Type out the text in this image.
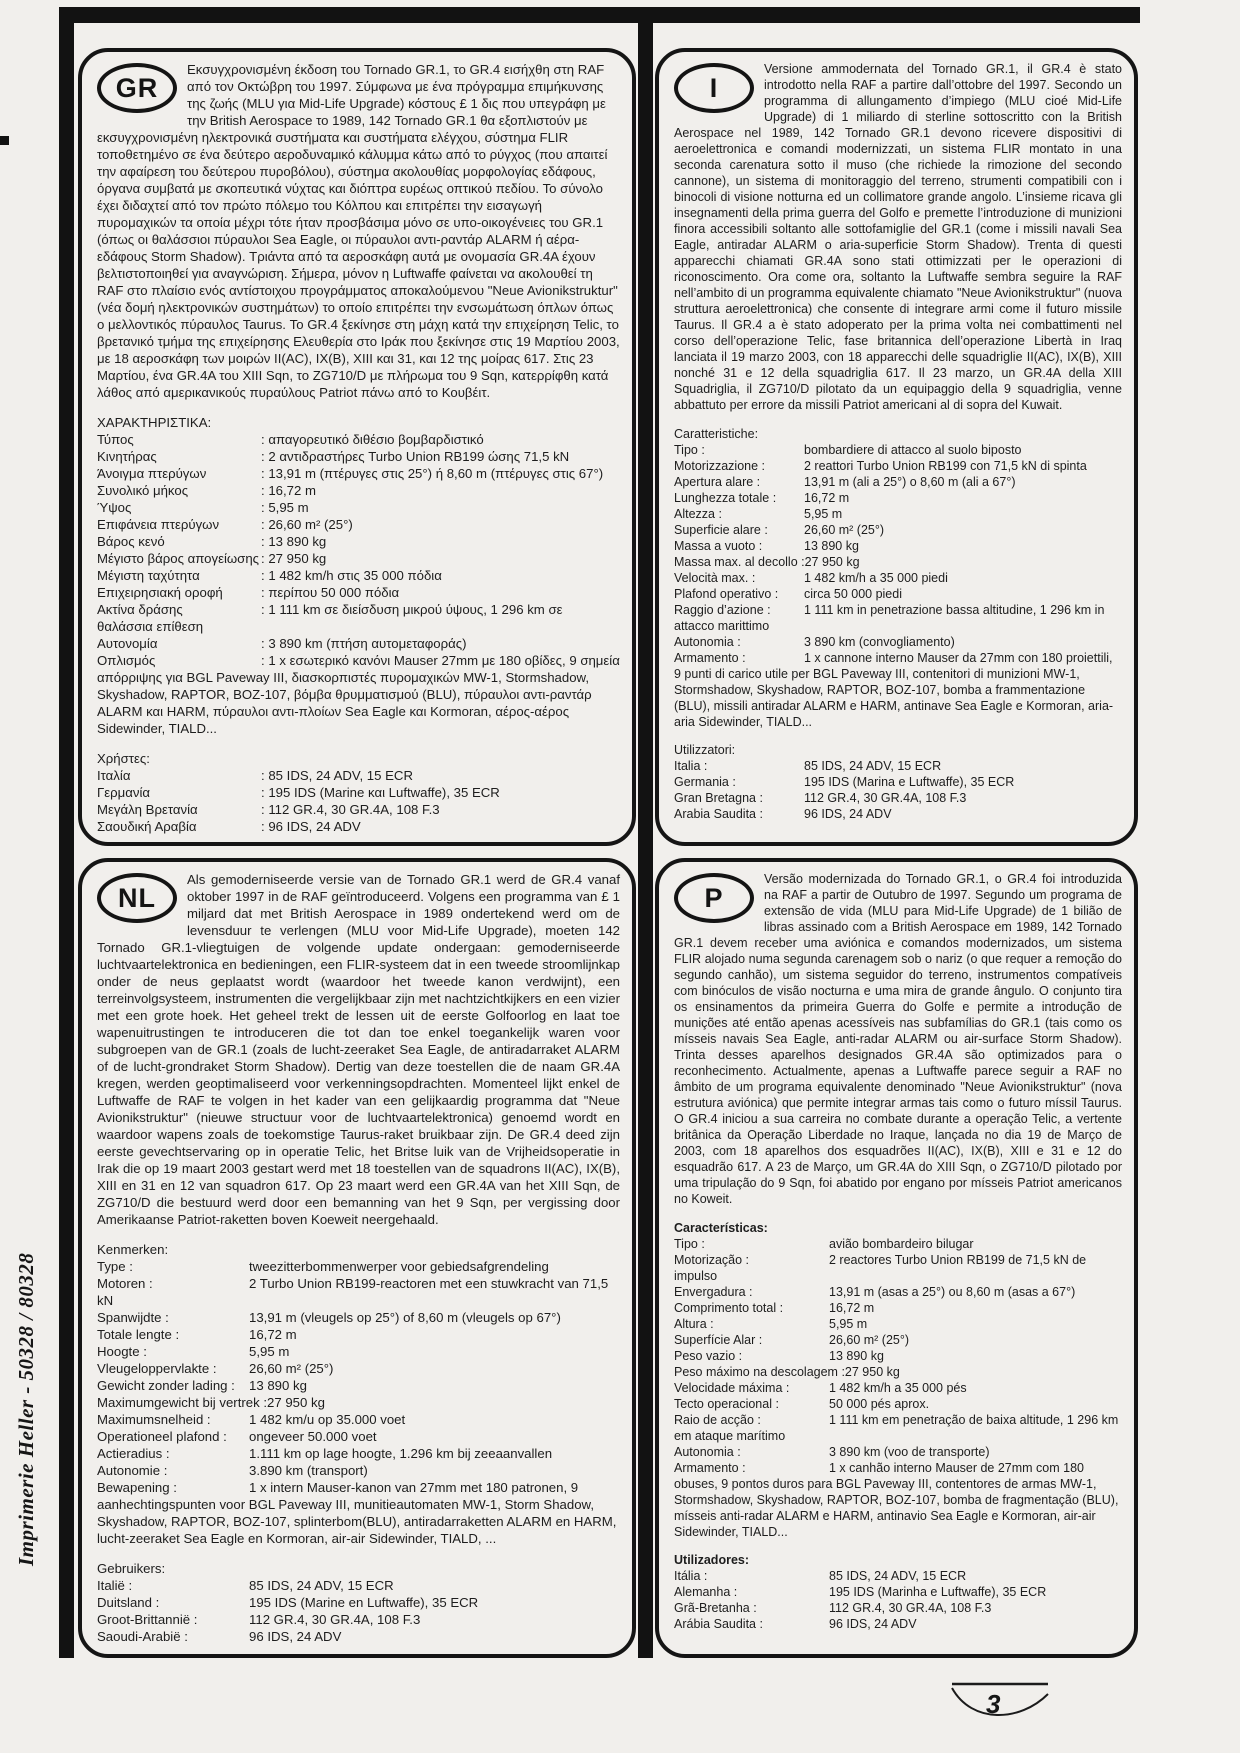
Imprimerie Heller - 50328 / 80328
GR

Εκσυγχρονισμένη έκδοση του Tornado GR.1, το GR.4 εισήχθη στη RAF από τον Οκτώβρη του 1997. Σύμφωνα με ένα πρόγραμμα επιμήκυνσης της ζωής (MLU για Mid-Life Upgrade) κόστους £ 1 δις που υπεγράφη με την British Aerospace το 1989, 142 Tornado GR.1 θα εξοπλιστούν με εκσυγχρονισμένη ηλεκτρονικά συστήματα και συστήματα ελέγχου, σύστημα FLIR τοποθετημένο σε ένα δεύτερο αεροδυναμικό κάλυμμα κάτω από το ρύγχος (που απαιτεί την αφαίρεση του δεύτερου πυροβόλου), σύστημα ακολουθίας μορφολογίας εδάφους, όργανα συμβατά με σκοπευτικά νύχτας και διόπτρα ευρέως οπτικού πεδίου. Το σύνολο έχει διδαχτεί από τον πρώτο πόλεμο του Κόλπου και επιτρέπει την εισαγωγή πυρομαχικών τα οποία μέχρι τότε ήταν προσβάσιμα μόνο σε υπο-οικογένειες του GR.1 (όπως οι θαλάσσιοι πύραυλοι Sea Eagle, οι πύραυλοι αντι-ραντάρ ALARM ή αέρα-εδάφους Storm Shadow). Τριάντα από τα αεροσκάφη αυτά με ονομασία GR.4A έχουν βελτιστοποιηθεί για αναγνώριση. Σήμερα, μόνον η Luftwaffe φαίνεται να ακολουθεί τη RAF στο πλαίσιο ενός αντίστοιχου προγράμματος αποκαλούμενου "Neue Avionikstruktur" (νέα δομή ηλεκτρονικών συστημάτων) το οποίο επιτρέπει την ενσωμάτωση όπλων όπως ο μελλοντικός πύραυλος Taurus. Το GR.4 ξεκίνησε στη μάχη κατά την επιχείρηση Telic, το βρετανικό τμήμα της επιχείρησης Ελευθερία στο Ιράκ που ξεκίνησε στις 19 Μαρτίου 2003, με 18 αεροσκάφη των μοιρών II(AC), IX(B), XIII και 31, και 12 της μοίρας 617. Στις 23 Μαρτίου, ένα GR.4A του XIII Sqn, το ZG710/D με πλήρωμα του 9 Sqn, κατερρίφθη κατά λάθος από αμερικανικούς πυραύλους Patriot πάνω από το Κουβέιτ.

ΧΑΡΑΚΤΗΡΙΣΤΙΚΑ:

Τύπος	: απαγορευτικό διθέσιο βομβαρδιστικό
Κινητήρας	: 2 αντιδραστήρες Turbo Union RB199 ώσης 71,5 kN
Άνοιγμα πτερύγων	: 13,91 m (πτέρυγες στις 25°) ή 8,60 m (πτέρυγες στις 67°)
Συνολικό μήκος	: 16,72 m
Ύψος	: 5,95 m
Επιφάνεια πτερύγων	: 26,60 m² (25°)
Βάρος κενό	: 13 890 kg
Μέγιστο βάρος απογείωσης : 27 950 kg
Μέγιστη ταχύτητα	: 1 482 km/h στις 35 000 πόδια
Επιχειρησιακή οροφή	: περίπου 50 000 πόδια
Ακτίνα δράσης	: 1 111 km σε διείσδυση μικρού ύψους, 1 296 km σε θαλάσσια επίθεση
Αυτονομία	: 3 890 km (πτήση αυτομεταφοράς)
Οπλισμός	: 1 x εσωτερικό κανόνι Mauser 27mm με 180 οβίδες, 9 σημεία απόρριψης για BGL Paveway III, διασκορπιστές πυρομαχικών MW-1, Stormshadow, Skyshadow, RAPTOR, BOZ-107, βόμβα θρυμματισμού (BLU), πύραυλοι αντι-ραντάρ ALARM και HARM, πύραυλοι αντι-πλοίων Sea Eagle και Kormoran, αέρος-αέρος Sidewinder, TIALD...

Χρήστες:

Ιταλία	: 85 IDS, 24 ADV, 15 ECR
Γερμανία	: 195 IDS (Marine και Luftwaffe), 35 ECR
Μεγάλη Βρετανία	: 112 GR.4, 30 GR.4A, 108 F.3
Σαουδική Αραβία	: 96 IDS, 24 ADV
I

Versione ammodernata del Tornado GR.1, il GR.4 è stato introdotto nella RAF a partire dall’ottobre del 1997. Secondo un programma di allungamento d’impiego (MLU cioé Mid-Life Upgrade) di 1 miliardo di sterline sottoscritto con la British Aerospace nel 1989, 142 Tornado GR.1 devono ricevere dispositivi di aeroelettronica e comandi modernizzati, un sistema FLIR montato in una seconda carenatura sotto il muso (che richiede la rimozione del secondo cannone), un sistema di monitoraggio del terreno, strumenti compatibili con i binocoli di visione notturna ed un collimatore grande angolo. L’insieme ricava gli insegnamenti della prima guerra del Golfo e premette l’introduzione di munizioni finora accessibili soltanto alle sottofamiglie del GR.1 (come i missili navali Sea Eagle, antiradar ALARM o aria-superficie Storm Shadow). Trenta di questi apparecchi chiamati GR.4A sono stati ottimizzati per le operazioni di riconoscimento. Ora come ora, soltanto la Luftwaffe sembra seguire la RAF nell’ambito di un programma equivalente chiamato "Neue Avionikstruktur" (nuova struttura aeroelettronica) che consente di integrare armi come il futuro missile Taurus. Il GR.4 a è stato adoperato per la prima volta nei combattimenti nel corso dell’operazione Telic, fase britannica dell’operazione Libertà in Iraq lanciata il 19 marzo 2003, con 18 apparecchi delle squadriglie II(AC), IX(B), XIII nonché 31 e 12 della squadriglia 617. Il 23 marzo, un GR.4A della XIII Squadriglia, il ZG710/D pilotato da un equipaggio della 9 squadriglia, venne abbattuto per errore da missili Patriot americani al di sopra del Kuwait.

Caratteristiche:

Tipo :	bombardiere di attacco al suolo biposto
Motorizzazione :	2 reattori Turbo Union RB199 con 71,5 kN di spinta
Apertura alare :	13,91 m (ali a 25°) o 8,60 m (ali a 67°)
Lunghezza totale : 16,72 m
Altezza :	5,95 m
Superficie alare :	26,60 m² (25°)
Massa a vuoto :	13 890 kg
Massa max. al decollo :27 950 kg
Velocità max. :	1 482 km/h a 35 000 piedi
Plafond operativo : circa 50 000 piedi
Raggio d’azione :	1 111 km in penetrazione bassa altitudine, 1 296 km in attacco marittimo
Autonomia :	3 890 km (convogliamento)
Armamento :	1 x cannone interno Mauser da 27mm con 180 proiettili, 9 punti di carico utile per BGL Paveway III, contenitori di munizioni MW-1, Stormshadow, Skyshadow, RAPTOR, BOZ-107, bomba a frammentazione (BLU), missili antiradar ALARM e HARM, antinave Sea Eagle e Kormoran, aria-aria Sidewinder, TIALD...

Utilizzatori:

Italia :	85 IDS, 24 ADV, 15 ECR
Germania :	195 IDS (Marina e Luftwaffe), 35 ECR
Gran Bretagna :	112 GR.4, 30 GR.4A, 108 F.3
Arabia Saudita :	96 IDS, 24 ADV
NL

Als gemoderniseerde versie van de Tornado GR.1 werd de GR.4 vanaf oktober 1997 in de RAF geïntroduceerd. Volgens een programma van £ 1 miljard dat met British Aerospace in 1989 ondertekend werd om de levensduur te verlengen (MLU voor Mid-Life Upgrade), moeten 142 Tornado GR.1-vliegtuigen de volgende update ondergaan: gemoderniseerde luchtvaartelektronica en bedieningen, een FLIR-systeem dat in een tweede stroomlijnkap onder de neus geplaatst wordt (waardoor het tweede kanon verdwijnt), een terreinvolgsysteem, instrumenten die vergelijkbaar zijn met nachtzichtkijkers en een vizier met een grote hoek. Het geheel trekt de lessen uit de eerste Golfoorlog en laat toe wapenuitrustingen te introduceren die tot dan toe enkel toegankelijk waren voor subgroepen van de GR.1 (zoals de lucht-zeeraket Sea Eagle, de antiradarraket ALARM of de lucht-grondraket Storm Shadow). Dertig van deze toestellen die de naam GR.4A kregen, werden geoptimaliseerd voor verkenningsopdrachten. Momenteel lijkt enkel de Luftwaffe de RAF te volgen in het kader van een gelijkaardig programma dat "Neue Avionikstruktur" (nieuwe structuur voor de luchtvaartelektronica) genoemd wordt en waardoor wapens zoals de toekomstige Taurus-raket bruikbaar zijn. De GR.4 deed zijn eerste gevechtservaring op in operatie Telic, het Britse luik van de Vrijheidsoperatie in Irak die op 19 maart 2003 gestart werd met 18 toestellen van de squadrons II(AC), IX(B), XIII en 31 en 12 van squadron 617. Op 23 maart werd een GR.4A van het XIII Sqn, de ZG710/D die bestuurd werd door een bemanning van het 9 Sqn, per vergissing door Amerikaanse Patriot-raketten boven Koeweit neergehaald.

Kenmerken:

Type :	tweezitterbommenwerper voor gebiedsafgrendeling
Motoren :	2 Turbo Union RB199-reactoren met een stuwkracht van 71,5 kN
Spanwijdte :	13,91 m (vleugels op 25°) of 8,60 m (vleugels op 67°)
Totale lengte :	16,72 m
Hoogte :	5,95 m
Vleugeloppervlakte : 26,60 m² (25°)
Gewicht zonder lading : 13 890 kg
Maximumgewicht bij vertrek :27 950 kg
Maximumsnelheid :	1 482 km/u op 35.000 voet
Operationeel plafond : ongeveer 50.000 voet
Actieradius :	1.111 km op lage hoogte, 1.296 km bij zeeaanvallen
Autonomie :	3.890 km (transport)
Bewapening :	1 x intern Mauser-kanon van 27mm met 180 patronen, 9 aanhechtingspunten voor BGL Paveway III, munitieautomaten MW-1, Storm Shadow, Skyshadow, RAPTOR, BOZ-107, splinterbom(BLU), antiradarraketten ALARM en HARM, lucht-zeeraket Sea Eagle en Kormoran, air-air Sidewinder, TIALD, ...

Gebruikers:

Italië :	85 IDS, 24 ADV, 15 ECR
Duitsland :	195 IDS (Marine en Luftwaffe), 35 ECR
Groot-Brittannië :	112 GR.4, 30 GR.4A, 108 F.3
Saoudi-Arabië :	96 IDS, 24 ADV
P

Versão modernizada do Tornado GR.1, o GR.4 foi introduzida na RAF a partir de Outubro de 1997. Segundo um programa de extensão de vida (MLU para Mid-Life Upgrade) de 1 bilião de libras assinado com a British Aerospace em 1989, 142 Tornado GR.1 devem receber uma aviónica e comandos modernizados, um sistema FLIR alojado numa segunda carenagem sob o nariz (o que requer a remoção do segundo canhão), um sistema seguidor do terreno, instrumentos compatíveis com binóculos de visão nocturna e uma mira de grande ângulo. O conjunto tira os ensinamentos da primeira Guerra do Golfe e permite a introdução de munições até então apenas acessíveis nas subfamílias do GR.1 (tais como os mísseis navais Sea Eagle, anti-radar ALARM ou air-surface Storm Shadow). Trinta desses aparelhos designados GR.4A são optimizados para o reconhecimento. Actualmente, apenas a Luftwaffe parece seguir a RAF no âmbito de um programa equivalente denominado "Neue Avionikstruktur" (nova estrutura aviónica) que permite integrar armas tais como o futuro míssil Taurus. O GR.4 iniciou a sua carreira no combate durante a operação Telic, a vertente britânica da Operação Liberdade no Iraque, lançada no dia 19 de Março de 2003, com 18 aparelhos dos esquadrões II(AC), IX(B), XIII e 31 e 12 do esquadrão 617. A 23 de Março, um GR.4A do XIII Sqn, o ZG710/D pilotado por uma tripulação do 9 Sqn, foi abatido por engano por mísseis Patriot americanos no Koweit.

Características:

Tipo :	avião bombardeiro bilugar
Motorização :	2 reactores Turbo Union RB199 de 71,5 kN de impulso
Envergadura :	13,91 m (asas a 25°) ou 8,60 m (asas a 67°)
Comprimento total :	16,72 m
Altura :	5,95 m
Superfície Alar :	26,60 m² (25°)
Peso vazio :	13 890 kg
Peso máximo na descolagem :27 950 kg
Velocidade máxima :	1 482 km/h a 35 000 pés
Tecto operacional :	50 000 pés aprox.
Raio de acção :	1 111 km em penetração de baixa altitude, 1 296 km em ataque marítimo
Autonomia :	3 890 km (voo de transporte)
Armamento :	1 x canhão interno Mauser de 27mm com 180 obuses, 9 pontos duros para BGL Paveway III, contentores de armas MW-1, Stormshadow, Skyshadow, RAPTOR, BOZ-107, bomba de fragmentação (BLU), mísseis anti-radar ALARM e HARM, antinavio Sea Eagle e Kormoran, air-air Sidewinder, TIALD...

Utilizadores:

Itália :	85 IDS, 24 ADV, 15 ECR
Alemanha :	195 IDS (Marinha e Luftwaffe), 35 ECR
Grã-Bretanha :	112 GR.4, 30 GR.4A, 108 F.3
Arábia Saudita :	96 IDS, 24 ADV
3
